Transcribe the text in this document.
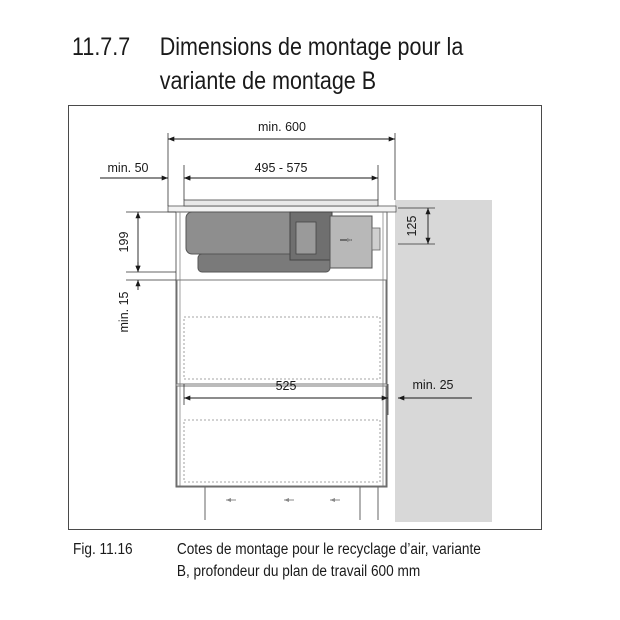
11.7.7 Dimensions de montage pour la
variante de montage B
min. 600
min. 50	495 - 575
125
199
min. 15
525	min. 25
Fig. 11.16	Cotes de montage pour le recyclage d’air, variante
B, profondeur du plan de travail 600 mm
